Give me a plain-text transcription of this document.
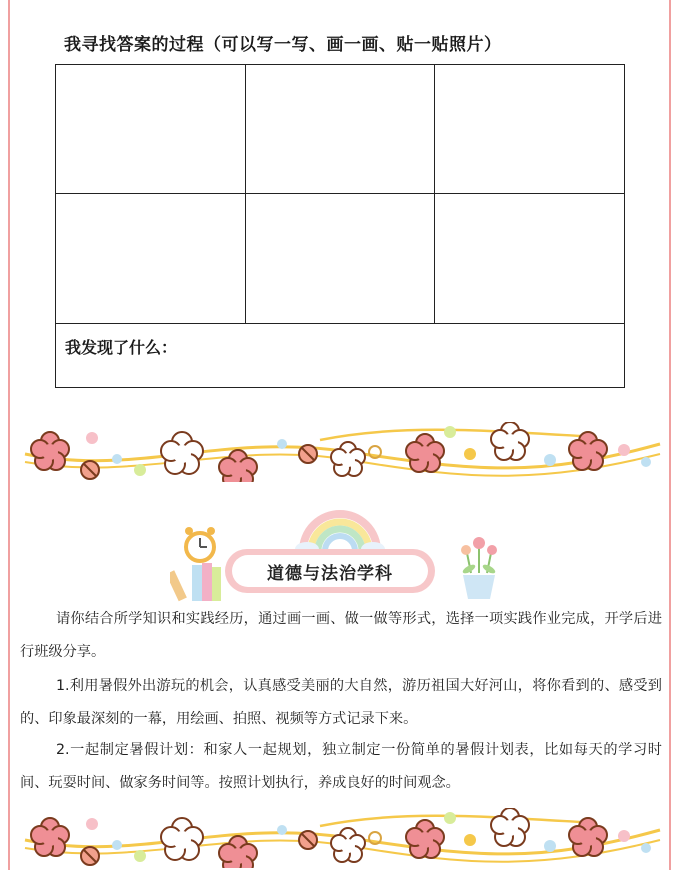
我寻找答案的过程（可以写一写、画一画、贴一贴照片）
我发现了什么：
道德与法治学科
请你结合所学知识和实践经历，通过画一画、做一做等形式，选择一项实践作业完成，开学后进行班级分享。
1.利用暑假外出游玩的机会，认真感受美丽的大自然，游历祖国大好河山，将你看到的、感受到的、印象最深刻的一幕，用绘画、拍照、视频等方式记录下来。
2.一起制定暑假计划：和家人一起规划，独立制定一份简单的暑假计划表，比如每天的学习时间、玩耍时间、做家务时间等。按照计划执行，养成良好的时间观念。
